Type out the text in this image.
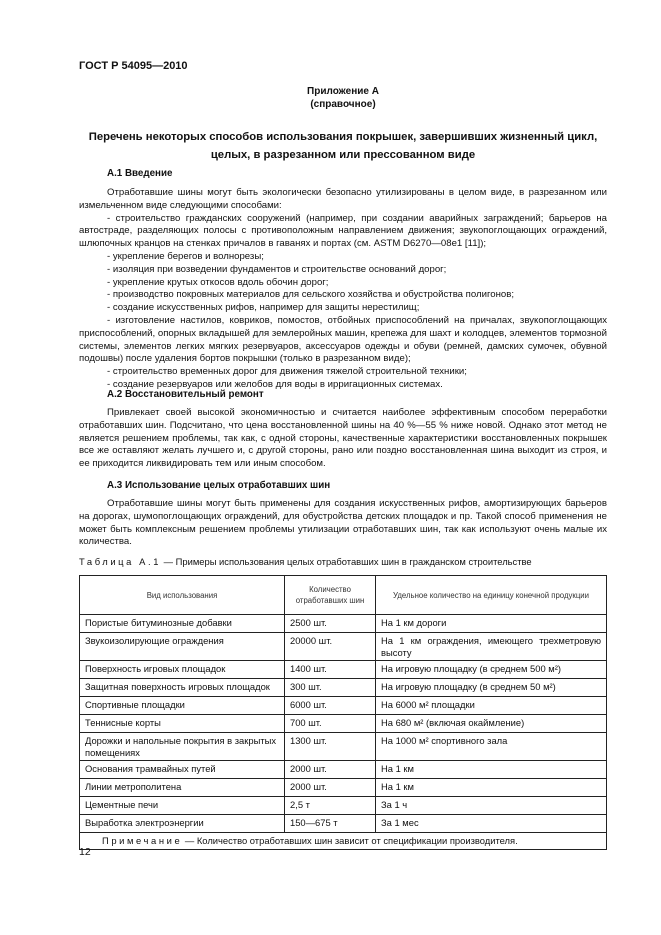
ГОСТ Р 54095—2010
Приложение А
(справочное)
Перечень некоторых способов использования покрышек, завершивших жизненный цикл, целых, в разрезанном или прессованном виде
А.1 Введение
Отработавшие шины могут быть экологически безопасно утилизированы в целом виде, в разрезанном или измельченном виде следующими способами:
- строительство гражданских сооружений (например, при создании аварийных заграждений; барьеров на автостраде, разделяющих полосы с противоположным направлением движения; звукопоглощающих ограждений, шлюпочных кранцов на стенках причалов в гаванях и портах (см. ASTM D6270—08е1 [11]);
- укрепление берегов и волнорезы;
- изоляция при возведении фундаментов и строительстве оснований дорог;
- укрепление крутых откосов вдоль обочин дорог;
- производство покровных материалов для сельского хозяйства и обустройства полигонов;
- создание искусственных рифов, например для защиты нерестилищ;
- изготовление настилов, ковриков, помостов, отбойных приспособлений на причалах, звукопоглощающих приспособлений, опорных вкладышей для землеройных машин, крепежа для шахт и колодцев, элементов тормозной системы, элементов легких мягких резервуаров, аксессуаров одежды и обуви (ремней, дамских сумочек, обувной подошвы) после удаления бортов покрышки (только в разрезанном виде);
- строительство временных дорог для движения тяжелой строительной техники;
- создание резервуаров или желобов для воды в ирригационных системах.
А.2 Восстановительный ремонт
Привлекает своей высокой экономичностью и считается наиболее эффективным способом переработки отработавших шин. Подсчитано, что цена восстановленной шины на 40 %—55 % ниже новой. Однако этот метод не является решением проблемы, так как, с одной стороны, качественные характеристики восстановленных покрышек все же оставляют желать лучшего и, с другой стороны, рано или поздно восстановленная шина выходит из строя, и ее приходится ликвидировать тем или иным способом.
А.3 Использование целых отработавших шин
Отработавшие шины могут быть применены для создания искусственных рифов, амортизирующих барьеров на дорогах, шумопоглощающих ограждений, для обустройства детских площадок и пр. Такой способ применения не может быть комплексным решением проблемы утилизации отработавших шин, так как используют очень малые их количества.
Таблица А.1 — Примеры использования целых отработавших шин в гражданском строительстве
Вид использования	Количество отработавших шин	Удельное количество на единицу конечной продукции
Пористые битуминозные добавки	2500 шт.	На 1 км дороги
Звукоизолирующие ограждения	20000 шт.	На 1 км ограждения, имеющего трехметровую высоту
Поверхность игровых площадок	1400 шт.	На игровую площадку (в среднем 500 м²)
Защитная поверхность игровых площадок	300 шт.	На игровую площадку (в среднем 50 м²)
Спортивные площадки	6000 шт.	На 6000 м² площадки
Теннисные корты	700 шт.	На 680 м² (включая окаймление)
Дорожки и напольные покрытия в закрытых помещениях	1300 шт.	На 1000 м² спортивного зала
Основания трамвайных путей	2000 шт.	На 1 км
Линии метрополитена	2000 шт.	На 1 км
Цементные печи	2,5 т	За 1 ч
Выработка электроэнергии	150—675 т	За 1 мес
Примечание — Количество отработавших шин зависит от спецификации производителя.		
12
